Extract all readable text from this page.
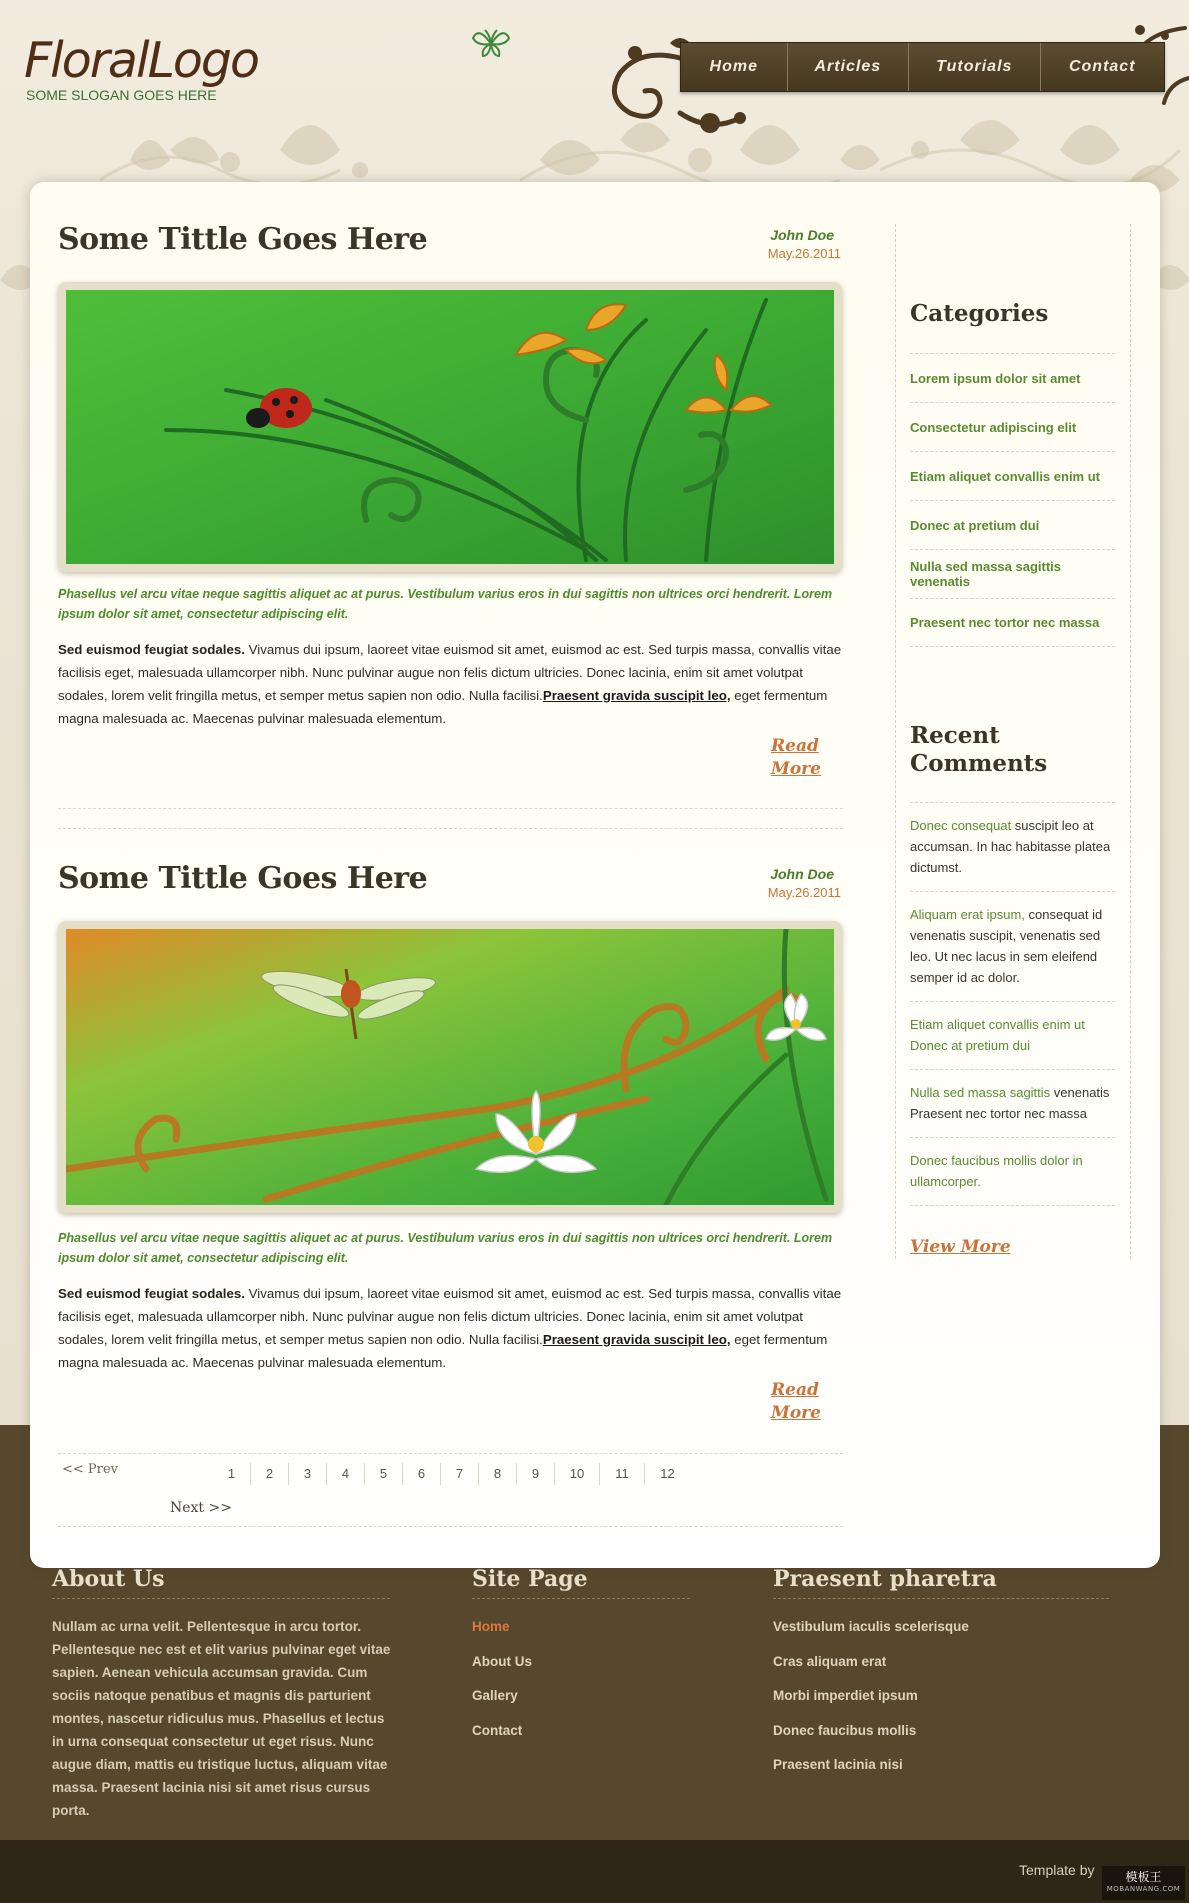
FloralLogo
SOME SLOGAN GOES HERE
Home	Articles	Tutorials	Contact
Some Tittle Goes Here	John Doe
May.26.2011
Phasellus vel arcu vitae neque sagittis aliquet ac at purus. Vestibulum varius eros in dui sagittis non ultrices orci hendrerit. Lorem ipsum dolor sit amet, consectetur adipiscing elit.
Sed euismod feugiat sodales. Vivamus dui ipsum, laoreet vitae euismod sit amet, euismod ac est. Sed turpis massa, convallis vitae facilisis eget, malesuada ullamcorper nibh. Nunc pulvinar augue non felis dictum ultricies. Donec lacinia, enim sit amet volutpat sodales, lorem velit fringilla metus, et semper metus sapien non odio. Nulla facilisi.Praesent gravida suscipit leo, eget fermentum magna malesuada ac. Maecenas pulvinar malesuada elementum.
Read
More
Some Tittle Goes Here	John Doe
May.26.2011
Phasellus vel arcu vitae neque sagittis aliquet ac at purus. Vestibulum varius eros in dui sagittis non ultrices orci hendrerit. Lorem ipsum dolor sit amet, consectetur adipiscing elit.
Sed euismod feugiat sodales. Vivamus dui ipsum, laoreet vitae euismod sit amet, euismod ac est. Sed turpis massa, convallis vitae facilisis eget, malesuada ullamcorper nibh. Nunc pulvinar augue non felis dictum ultricies. Donec lacinia, enim sit amet volutpat sodales, lorem velit fringilla metus, et semper metus sapien non odio. Nulla facilisi.Praesent gravida suscipit leo, eget fermentum magna malesuada ac. Maecenas pulvinar malesuada elementum.
Read
More
<< Prev	1	2	3	4	5	6	7	8	9	10	11	12
Next >>
Categories
Lorem ipsum dolor sit amet
Consectetur adipiscing elit
Etiam aliquet convallis enim ut
Donec at pretium dui
Nulla sed massa sagittis venenatis
Praesent nec tortor nec massa
Recent
Comments
Donec consequat suscipit leo at accumsan. In hac habitasse platea dictumst.
Aliquam erat ipsum, consequat id venenatis suscipit, venenatis sed leo. Ut nec lacus in sem eleifend semper id ac dolor.
Etiam aliquet convallis enim ut Donec at pretium dui
Nulla sed massa sagittis venenatis Praesent nec tortor nec massa
Donec faucibus mollis dolor in ullamcorper.
View More
About Us
Nullam ac urna velit. Pellentesque in arcu tortor. Pellentesque nec est et elit varius pulvinar eget vitae sapien. Aenean vehicula accumsan gravida. Cum sociis natoque penatibus et magnis dis parturient montes, nascetur ridiculus mus. Phasellus et lectus in urna consequat consectetur ut eget risus. Nunc augue diam, mattis eu tristique luctus, aliquam vitae massa. Praesent lacinia nisi sit amet risus cursus porta.
Site Page
Home
About Us
Gallery
Contact
Praesent pharetra
Vestibulum iaculis scelerisque
Cras aliquam erat
Morbi imperdiet ipsum
Donec faucibus mollis
Praesent lacinia nisi
Template by	模板王
MOBANWANG.COM
